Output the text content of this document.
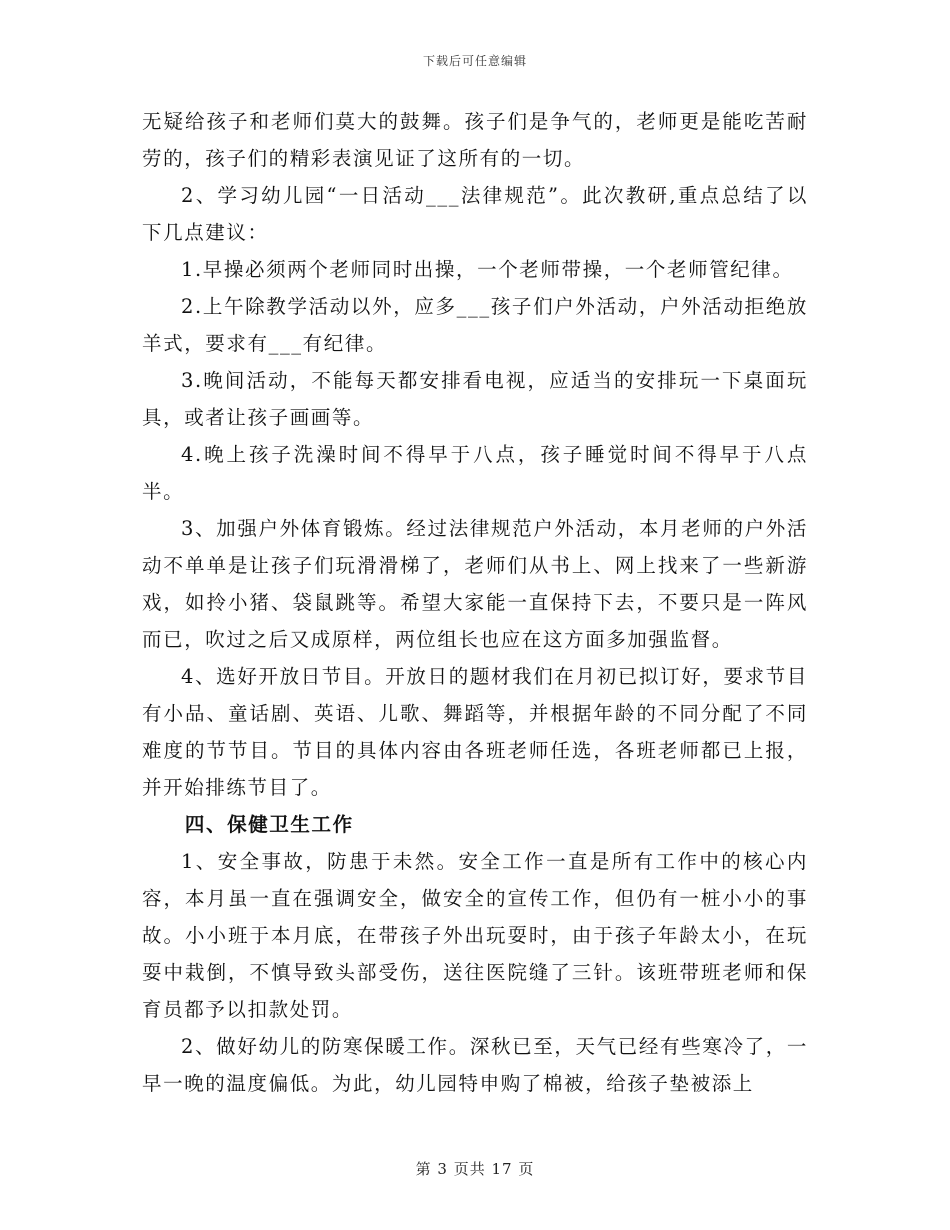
下载后可任意编辑

无疑给孩子和老师们莫大的鼓舞。孩子们是争气的，老师更是能吃苦耐劳的，孩子们的精彩表演见证了这所有的一切。

2、学习幼儿园“一日活动___法律规范”。此次教研,重点总结了以下几点建议：

1.早操必须两个老师同时出操，一个老师带操，一个老师管纪律。

2.上午除教学活动以外，应多___孩子们户外活动，户外活动拒绝放羊式，要求有___有纪律。

3.晚间活动，不能每天都安排看电视，应适当的安排玩一下桌面玩具，或者让孩子画画等。

4.晚上孩子洗澡时间不得早于八点，孩子睡觉时间不得早于八点半。

3、加强户外体育锻炼。经过法律规范户外活动，本月老师的户外活动不单单是让孩子们玩滑滑梯了，老师们从书上、网上找来了一些新游戏，如拎小猪、袋鼠跳等。希望大家能一直保持下去，不要只是一阵风而已，吹过之后又成原样，两位组长也应在这方面多加强监督。

4、选好开放日节目。开放日的题材我们在月初已拟订好，要求节目有小品、童话剧、英语、儿歌、舞蹈等，并根据年龄的不同分配了不同难度的节节目。节目的具体内容由各班老师任选，各班老师都已上报，并开始排练节目了。

四、保健卫生工作

1、安全事故，防患于未然。安全工作一直是所有工作中的核心内容，本月虽一直在强调安全，做安全的宣传工作，但仍有一桩小小的事故。小小班于本月底，在带孩子外出玩耍时，由于孩子年龄太小，在玩耍中栽倒，不慎导致头部受伤，送往医院缝了三针。该班带班老师和保育员都予以扣款处罚。

2、做好幼儿的防寒保暖工作。深秋已至，天气已经有些寒冷了，一早一晚的温度偏低。为此，幼儿园特申购了棉被，给孩子垫被添上

第 3 页共 17 页
